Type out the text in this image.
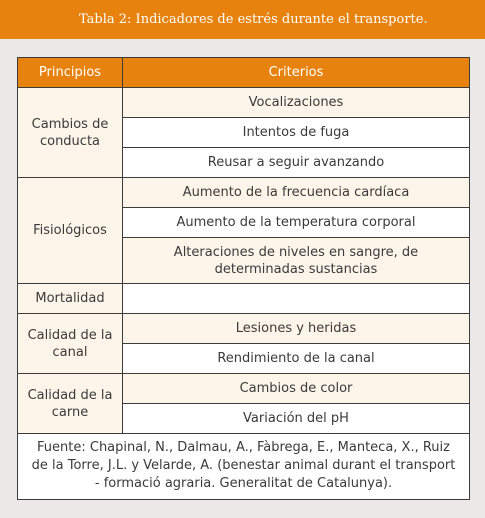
Tabla 2: Indicadores de estrés durante el transporte.
Principios	Criterios
Cambios de conducta	Vocalizaciones
	Intentos de fuga
	Reusar a seguir avanzando
Fisiológicos	Aumento de la frecuencia cardíaca
	Aumento de la temperatura corporal
	Alteraciones de niveles en sangre, de determinadas sustancias
Mortalidad	
Calidad de la canal	Lesiones y heridas
	Rendimiento de la canal
Calidad de la carne	Cambios de color
	Variación del pH
Fuente: Chapinal, N., Dalmau, A., Fàbrega, E., Manteca, X., Ruiz de la Torre, J.L. y Velarde, A. (benestar animal durant el transport - formació agraria. Generalitat de Catalunya).	
